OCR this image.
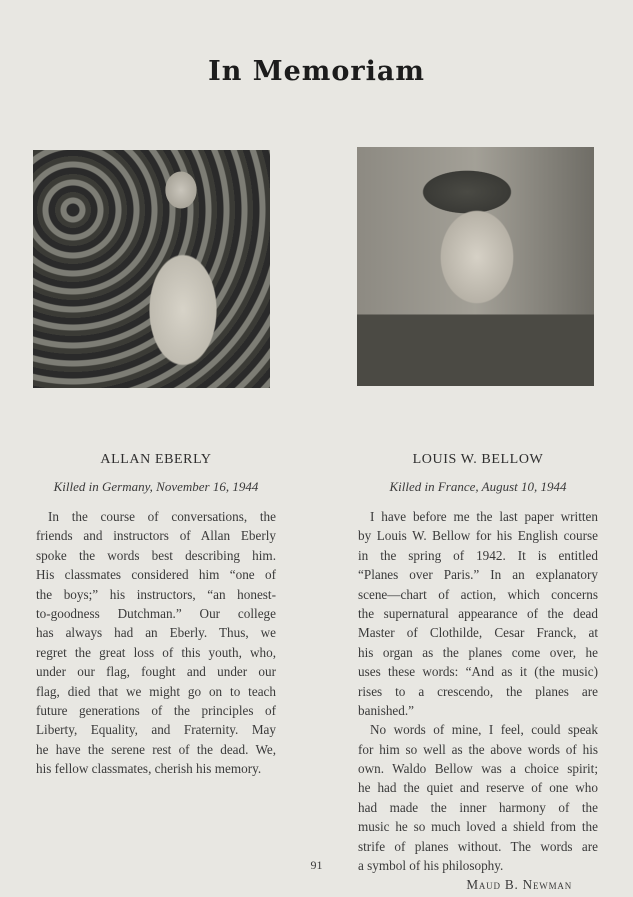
In Memoriam
ALLAN EBERLY
Killed in Germany, November 16, 1944
In the course of conversations, the
friends and instructors of Allan Eberly
spoke the words best describing him.
His classmates considered him “one of
the boys;” his instructors, “an honest-
to-goodness Dutchman.” Our college
has always had an Eberly. Thus, we
regret the great loss of this youth, who,
under our flag, fought and under our
flag, died that we might go on to teach
future generations of the principles of
Liberty, Equality, and Fraternity. May
he have the serene rest of the dead. We,
his fellow classmates, cherish his memory.
LOUIS W. BELLOW
Killed in France, August 10, 1944
I have before me the last paper written
by Louis W. Bellow for his English course
in the spring of 1942. It is entitled
“Planes over Paris.” In an explanatory
scene—chart of action, which concerns
the supernatural appearance of the dead
Master of Clothilde, Cesar Franck, at
his organ as the planes come over, he
uses these words: “And as it (the music)
rises to a crescendo, the planes are
banished.”
No words of mine, I feel, could speak
for him so well as the above words of his
own. Waldo Bellow was a choice spirit;
he had the quiet and reserve of one who
had made the inner harmony of the
music he so much loved a shield from the
strife of planes without. The words are
a symbol of his philosophy.
Maud B. Newman
91
